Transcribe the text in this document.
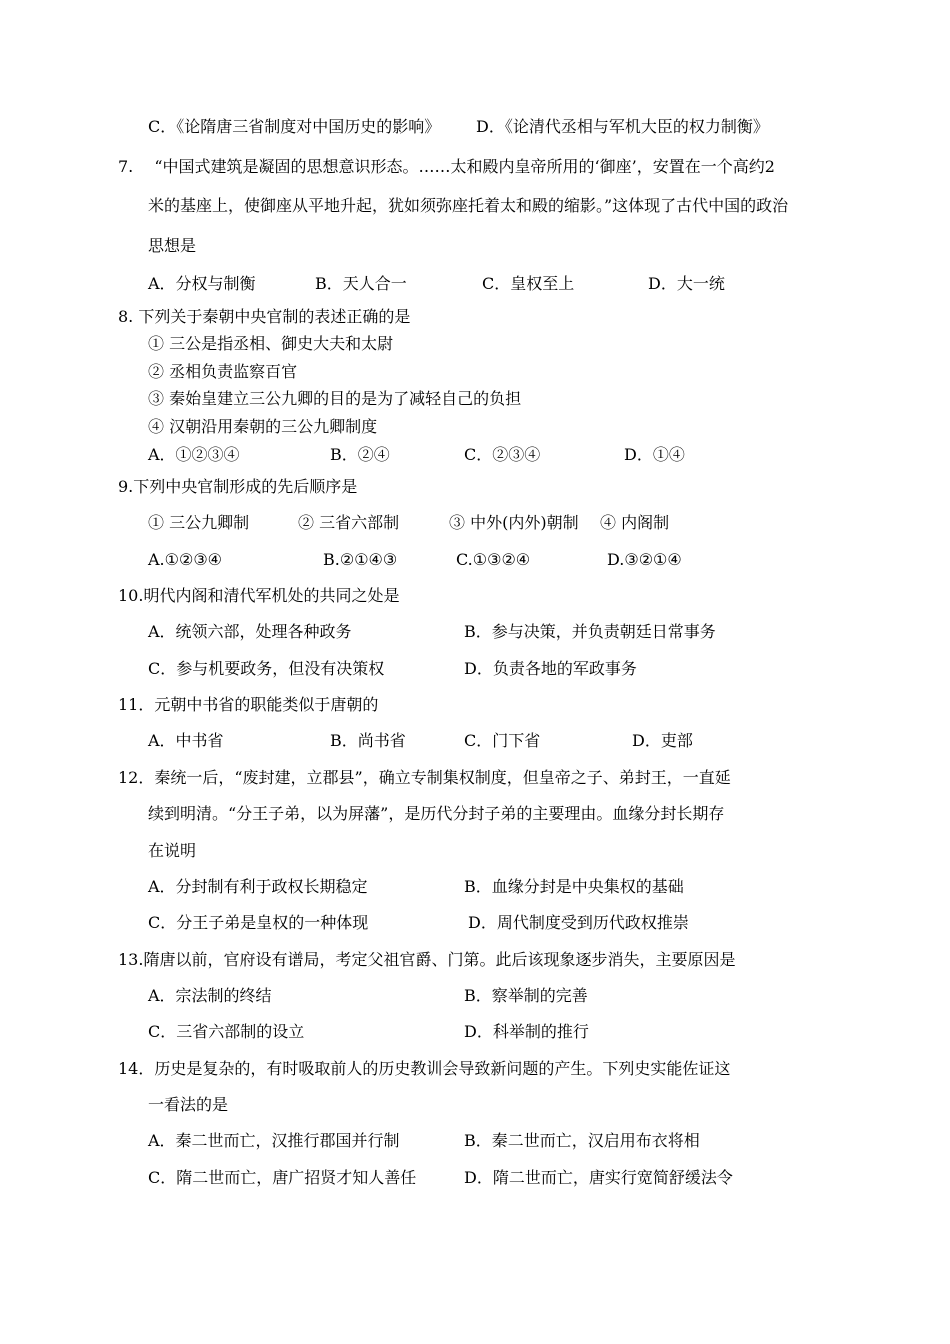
C．《论隋唐三省制度对中国历史的影响》 D．《论清代丞相与军机大臣的权力制衡》
7.　 “中国式建筑是凝固的思想意识形态。……太和殿内皇帝所用的‘御座’，安置在一个高约2
米的基座上，使御座从平地升起，犹如须弥座托着太和殿的缩影。”这体现了古代中国的政治
思想是
A．分权与制衡	B．天人合一	C．皇权至上	D．大一统
8. 下列关于秦朝中央官制的表述正确的是
① 三公是指丞相、御史大夫和太尉
② 丞相负责监察百官
③ 秦始皇建立三公九卿的目的是为了减轻自己的负担
④ 汉朝沿用秦朝的三公九卿制度
A．①②③④	B．②④	C．②③④	D．①④
9.下列中央官制形成的先后顺序是
① 三公九卿制	② 三省六部制	③ 中外(内外)朝制 ④ 内阁制
A.①②③④	B.②①④③	C.①③②④	D.③②①④
10.明代内阁和清代军机处的共同之处是
A．统领六部，处理各种政务	B．参与决策，并负责朝廷日常事务
C．参与机要政务，但没有决策权	D．负责各地的军政事务
11．元朝中书省的职能类似于唐朝的
A．中书省	B．尚书省	C．门下省	D．吏部
12．秦统一后，“废封建，立郡县”，确立专制集权制度，但皇帝之子、弟封王，一直延
续到明清。“分王子弟，以为屏藩”，是历代分封子弟的主要理由。血缘分封长期存
在说明
A．分封制有利于政权长期稳定	B．血缘分封是中央集权的基础
C．分王子弟是皇权的一种体现	D．周代制度受到历代政权推崇
13.隋唐以前，官府设有谱局，考定父祖官爵、门第。此后该现象逐步消失，主要原因是
A．宗法制的终结	B．察举制的完善
C．三省六部制的设立	D．科举制的推行
14．历史是复杂的，有时吸取前人的历史教训会导致新问题的产生。下列史实能佐证这
一看法的是
A．秦二世而亡，汉推行郡国并行制	B．秦二世而亡，汉启用布衣将相
C．隋二世而亡，唐广招贤才知人善任	D．隋二世而亡，唐实行宽简舒缓法令
